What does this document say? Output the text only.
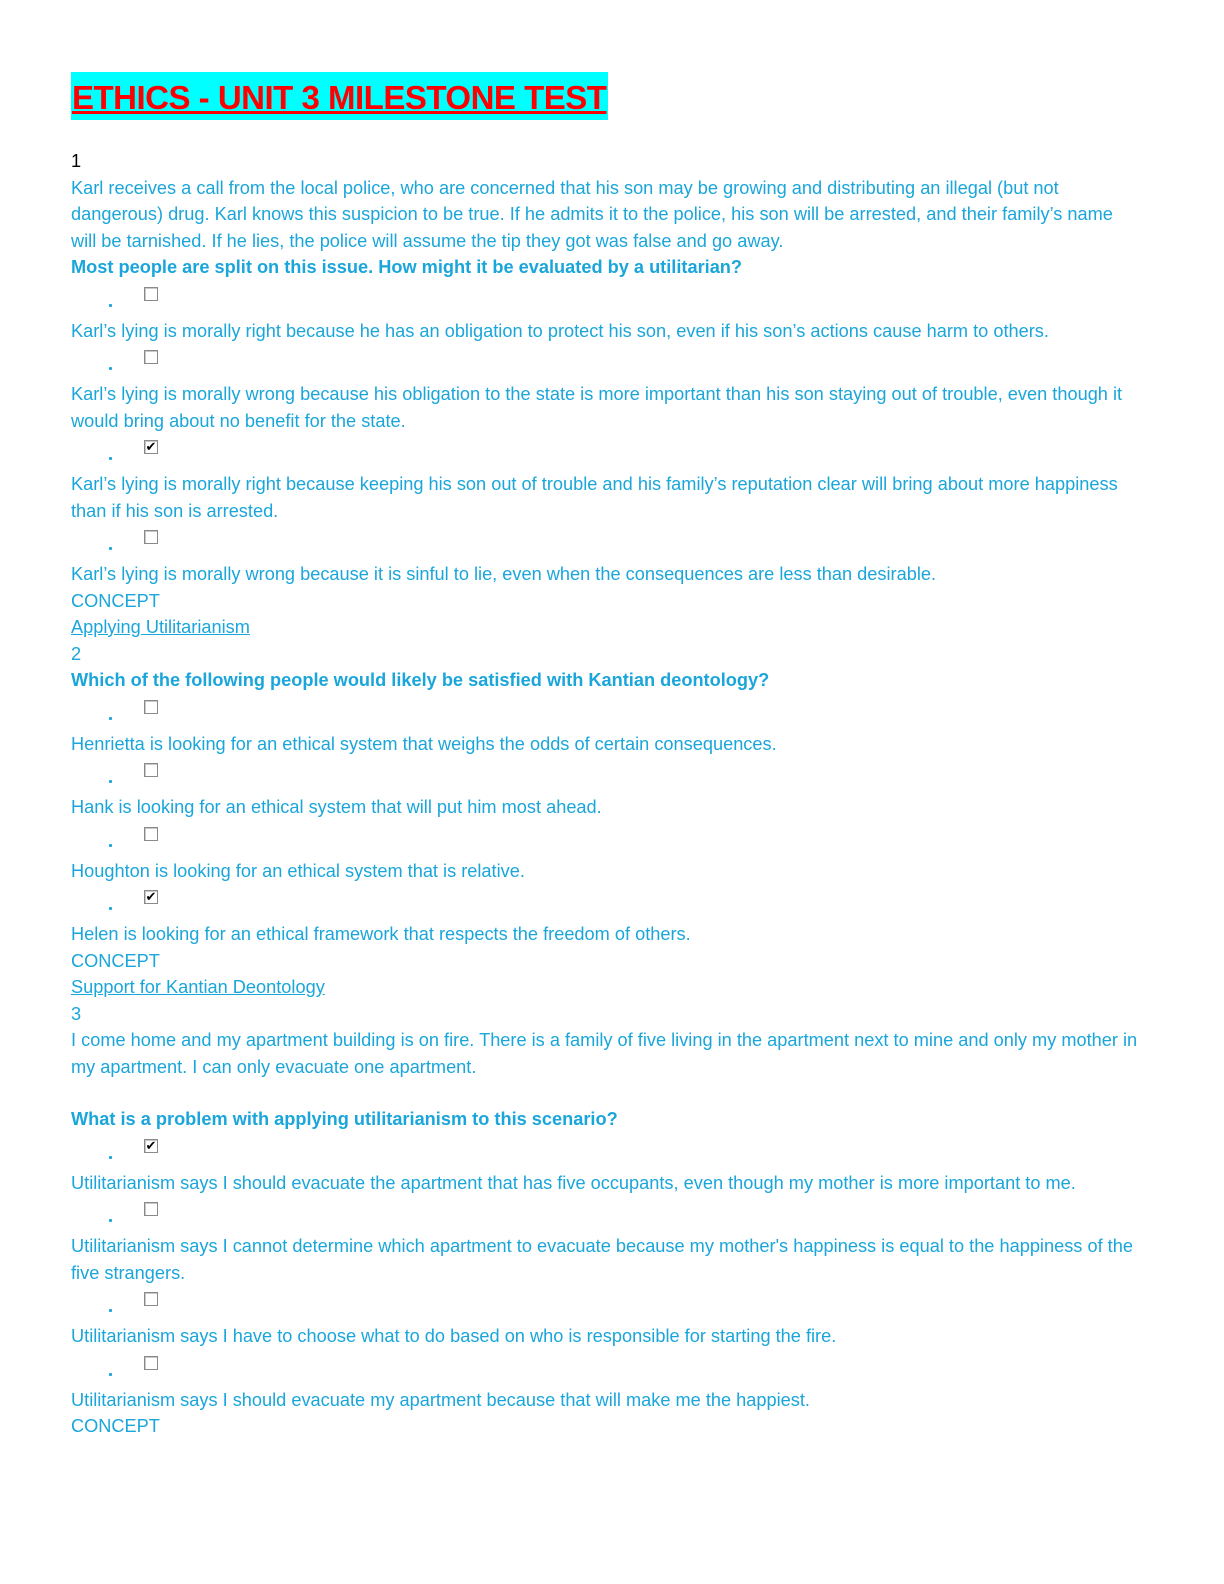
ETHICS - UNIT 3 MILESTONE TEST

1

Karl receives a call from the local police, who are concerned that his son may be growing and distributing an illegal (but not dangerous) drug. Karl knows this suspicion to be true. If he admits it to the police, his son will be arrested, and their family’s name will be tarnished. If he lies, the police will assume the tip they got was false and go away.

Most people are split on this issue. How might it be evaluated by a utilitarian?

Karl’s lying is morally right because he has an obligation to protect his son, even if his son’s actions cause harm to others.

Karl’s lying is morally wrong because his obligation to the state is more important than his son staying out of trouble, even though it would bring about no benefit for the state.

✔

Karl’s lying is morally right because keeping his son out of trouble and his family’s reputation clear will bring about more happiness than if his son is arrested.

Karl’s lying is morally wrong because it is sinful to lie, even when the consequences are less than desirable.

CONCEPT

Applying Utilitarianism

2

Which of the following people would likely be satisfied with Kantian deontology?

Henrietta is looking for an ethical system that weighs the odds of certain consequences.

Hank is looking for an ethical system that will put him most ahead.

Houghton is looking for an ethical system that is relative.

✔

Helen is looking for an ethical framework that respects the freedom of others.

CONCEPT

Support for Kantian Deontology

3

I come home and my apartment building is on fire. There is a family of five living in the apartment next to mine and only my mother in my apartment. I can only evacuate one apartment.

What is a problem with applying utilitarianism to this scenario?

✔

Utilitarianism says I should evacuate the apartment that has five occupants, even though my mother is more important to me.

Utilitarianism says I cannot determine which apartment to evacuate because my mother's happiness is equal to the happiness of the five strangers.

Utilitarianism says I have to choose what to do based on who is responsible for starting the fire.

Utilitarianism says I should evacuate my apartment because that will make me the happiest.

CONCEPT
